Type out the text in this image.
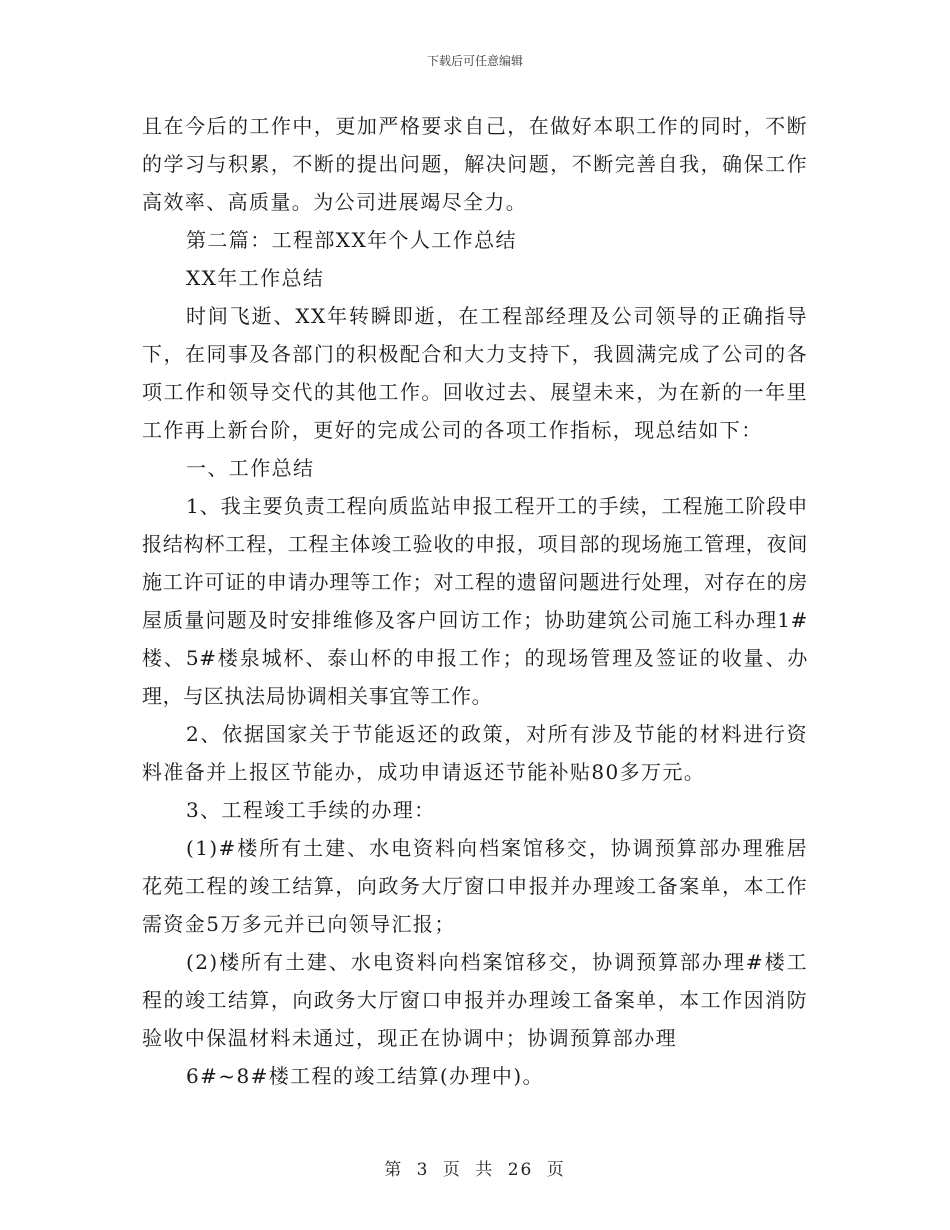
下载后可任意编辑

且在今后的工作中，更加严格要求自己，在做好本职工作的同时，不断的学习与积累，不断的提出问题，解决问题，不断完善自我，确保工作高效率、高质量。为公司进展竭尽全力。

第二篇：工程部XX年个人工作总结

XX年工作总结

时间飞逝、XX年转瞬即逝，在工程部经理及公司领导的正确指导下，在同事及各部门的积极配合和大力支持下，我圆满完成了公司的各项工作和领导交代的其他工作。回收过去、展望未来，为在新的一年里工作再上新台阶，更好的完成公司的各项工作指标，现总结如下：

一、工作总结

1、我主要负责工程向质监站申报工程开工的手续，工程施工阶段申报结构杯工程，工程主体竣工验收的申报，项目部的现场施工管理，夜间施工许可证的申请办理等工作；对工程的遗留问题进行处理，对存在的房屋质量问题及时安排维修及客户回访工作；协助建筑公司施工科办理1#楼、5#楼泉城杯、泰山杯的申报工作；的现场管理及签证的收量、办理，与区执法局协调相关事宜等工作。

2、依据国家关于节能返还的政策，对所有涉及节能的材料进行资料准备并上报区节能办，成功申请返还节能补贴80多万元。

3、工程竣工手续的办理：

(1)#楼所有土建、水电资料向档案馆移交，协调预算部办理雅居花苑工程的竣工结算，向政务大厅窗口申报并办理竣工备案单，本工作需资金5万多元并已向领导汇报；

(2)楼所有土建、水电资料向档案馆移交，协调预算部办理#楼工程的竣工结算，向政务大厅窗口申报并办理竣工备案单，本工作因消防验收中保温材料未通过，现正在协调中；协调预算部办理

6#~8#楼工程的竣工结算(办理中)。

第 3 页 共 26 页
